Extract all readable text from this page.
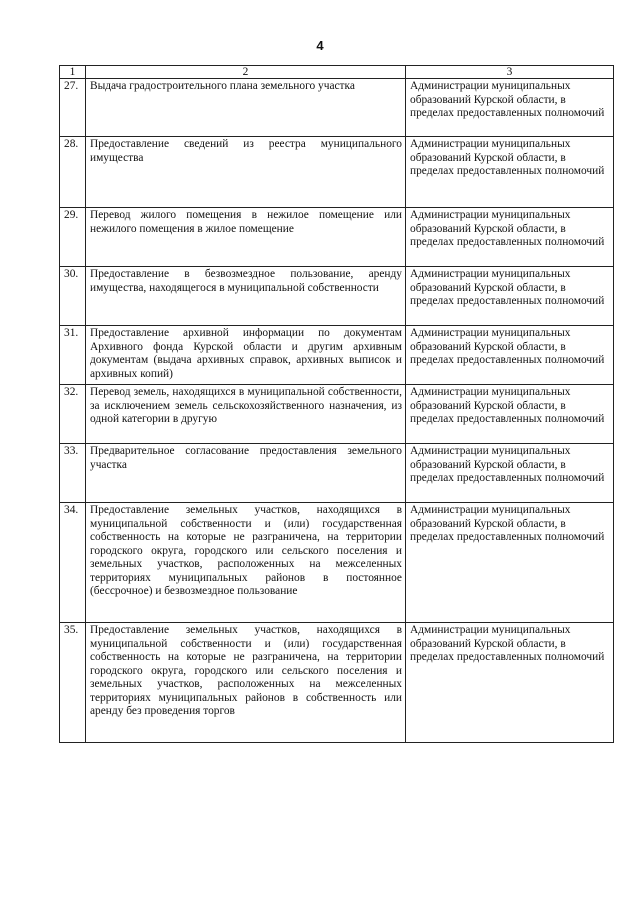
4
1	2	3
27.	Выдача градостроительного плана земельного участка	Администрации муниципальных образований Курской области, в пределах предоставленных полномочий
28.	Предоставление сведений из реестра муниципального имущества	Администрации муниципальных образований Курской области, в пределах предоставленных полномочий
29.	Перевод жилого помещения в нежилое помещение или нежилого помещения в жилое помещение	Администрации муниципальных образований Курской области, в пределах предоставленных полномочий
30.	Предоставление в безвозмездное пользование, аренду имущества, находящегося в муниципальной собственности	Администрации муниципальных образований Курской области, в пределах предоставленных полномочий
31.	Предоставление архивной информации по документам Архивного фонда Курской области и другим архивным документам (выдача архивных справок, архивных выписок и архивных копий)	Администрации муниципальных образований Курской области, в пределах предоставленных полномочий
32.	Перевод земель, находящихся в муниципальной собственности, за исключением земель сельскохозяйственного назначения, из одной категории в другую	Администрации муниципальных образований Курской области, в пределах предоставленных полномочий
33.	Предварительное согласование предоставления земельного участка	Администрации муниципальных образований Курской области, в пределах предоставленных полномочий
34.	Предоставление земельных участков, находящихся в муниципальной собственности и (или) государственная собственность на которые не разграничена, на территории городского округа, городского или сельского поселения и земельных участков, расположенных на межселенных территориях муниципальных районов в постоянное (бессрочное) и безвозмездное пользование	Администрации муниципальных образований Курской области, в пределах предоставленных полномочий
35.	Предоставление земельных участков, находящихся в муниципальной собственности и (или) государственная собственность на которые не разграничена, на территории городского округа, городского или сельского поселения и земельных участков, расположенных на межселенных территориях муниципальных районов в собственность или аренду без проведения торгов	Администрации муниципальных образований Курской области, в пределах предоставленных полномочий
